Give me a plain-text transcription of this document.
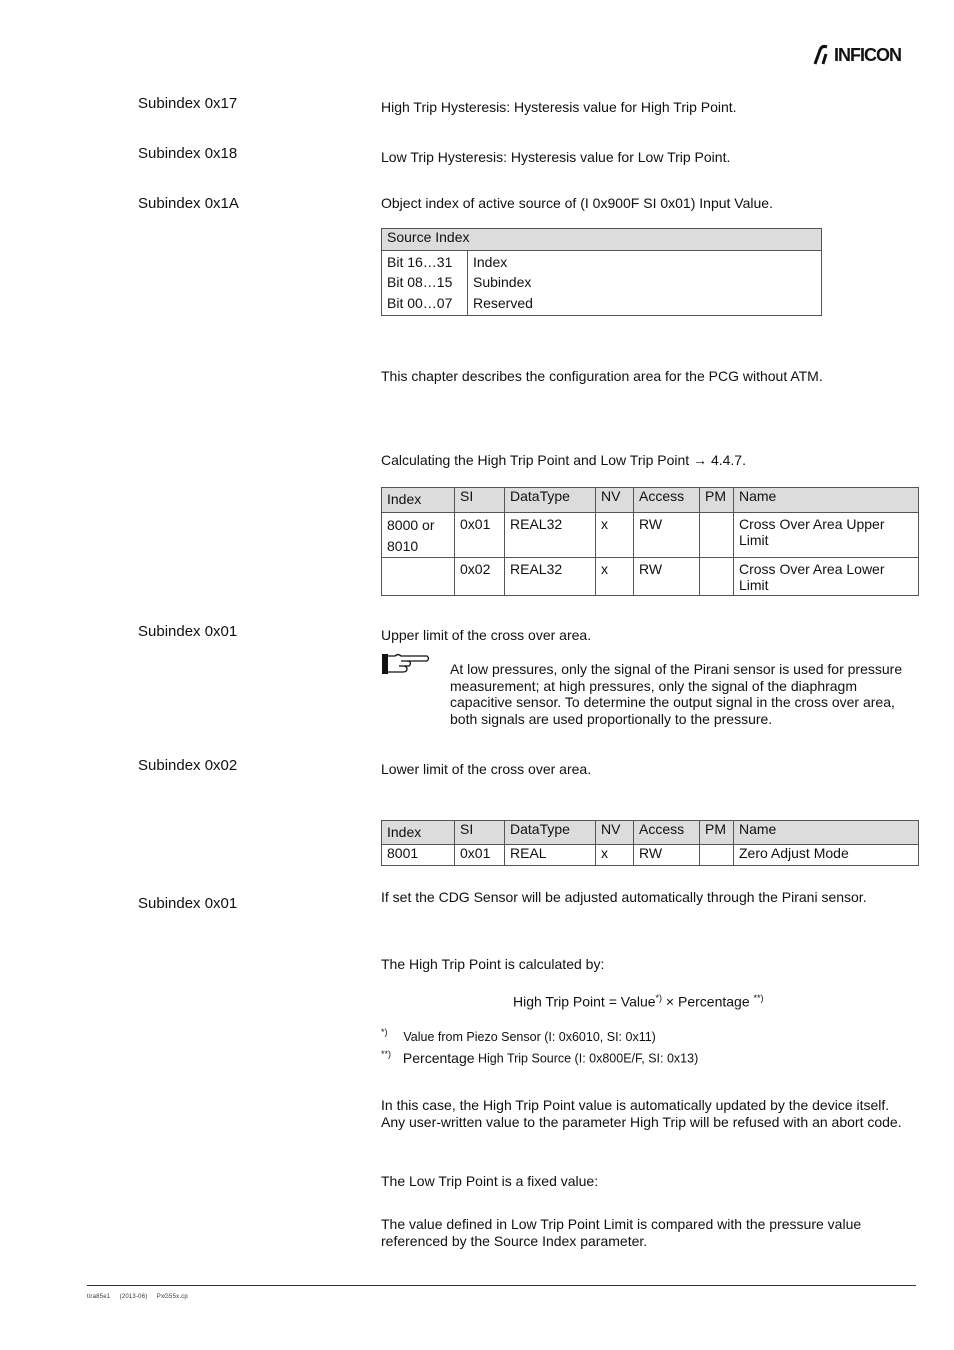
INFICON
Subindex 0x17	High Trip Hysteresis: Hysteresis value for High Trip Point.
Subindex 0x18	Low Trip Hysteresis: Hysteresis value for Low Trip Point.
Subindex 0x1A	Object index of active source of (I 0x900F SI 0x01) Input Value.
Source Index	
Bit 16…31	Index
Bit 08…15	Subindex
Bit 00…07	Reserved
This chapter describes the configuration area for the PCG without ATM.
Calculating the High Trip Point and Low Trip Point → 4.4.7.
Index	SI	DataType	NV	Access	PM	Name
8000 or
8010	0x01	REAL32	x	RW		Cross Over Area Upper Limit
	0x02	REAL32	x	RW		Cross Over Area Lower Limit
Subindex 0x01	Upper limit of the cross over area.
At low pressures, only the signal of the Pirani sensor is used for pressure measurement; at high pressures, only the signal of the diaphragm capacitive sensor. To determine the output signal in the cross over area, both signals are used proportionally to the pressure.
Subindex 0x02	Lower limit of the cross over area.
Index	SI	DataType	NV	Access	PM	Name
8001	0x01	REAL	x	RW		Zero Adjust Mode
Subindex 0x01	If set the CDG Sensor will be adjusted automatically through the Pirani sensor.
The High Trip Point is calculated by:
High Trip Point = Value*) × Percentage **)
*) Value from Piezo Sensor (I: 0x6010, SI: 0x11)
**) Percentage High Trip Source (I: 0x800E/F, SI: 0x13)
In this case, the High Trip Point value is automatically updated by the device itself. Any user-written value to the parameter High Trip will be refused with an abort code.
The Low Trip Point is a fixed value:
The value defined in Low Trip Point Limit is compared with the pressure value referenced by the Source Index parameter.
tira85e1     (2013-06)     PxG55x.cp
